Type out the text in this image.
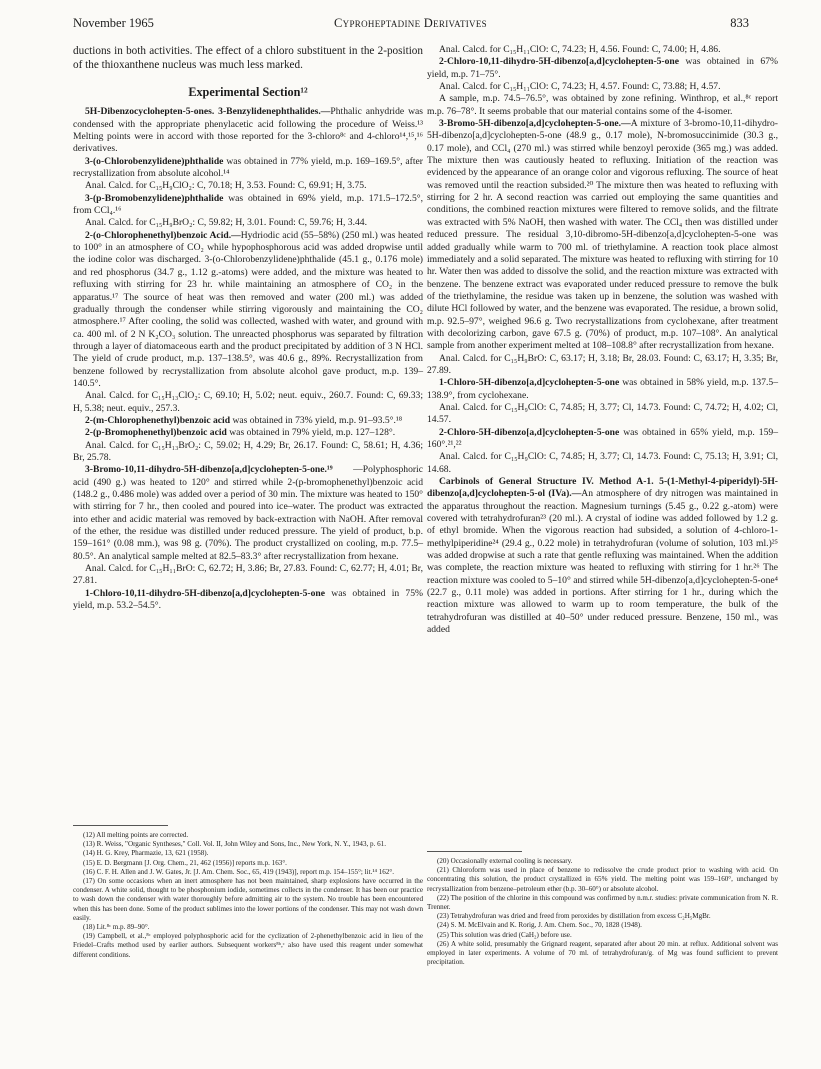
November 1965	Cyproheptadine Derivatives	833

ductions in both activities. The effect of a chloro substituent in the 2-position of the thioxanthene nucleus was much less marked.

Experimental Section¹²

5H-Dibenzocyclohepten-5-ones. 3-Benzylidenephthalides.—Phthalic anhydride was condensed with the appropriate phenylacetic acid following the procedure of Weiss.¹³ Melting points were in accord with those reported for the 3-chloro⁸ᶜ and 4-chloro¹⁴,¹⁵,¹⁶ derivatives.

3-(o-Chlorobenzylidene)phthalide was obtained in 77% yield, m.p. 169–169.5°, after recrystallization from absolute alcohol.¹⁴

Anal. Calcd. for C₁₅H₉ClO₂: C, 70.18; H, 3.53. Found: C, 69.91; H, 3.75.

3-(p-Bromobenzylidene)phthalide was obtained in 69% yield, m.p. 171.5–172.5°, from CCl₄.¹⁶

Anal. Calcd. for C₁₅H₉BrO₂: C, 59.82; H, 3.01. Found: C, 59.76; H, 3.44.

2-(o-Chlorophenethyl)benzoic Acid.—Hydriodic acid (55–58%) (250 ml.) was heated to 100° in an atmosphere of CO₂ while hypophosphorous acid was added dropwise until the iodine color was discharged. 3-(o-Chlorobenzylidene)phthalide (45.1 g., 0.176 mole) and red phosphorus (34.7 g., 1.12 g.-atoms) were added, and the mixture was heated to refluxing with stirring for 23 hr. while maintaining an atmosphere of CO₂ in the apparatus.¹⁷ The source of heat was then removed and water (200 ml.) was added gradually through the condenser while stirring vigorously and maintaining the CO₂ atmosphere.¹⁷ After cooling, the solid was collected, washed with water, and ground with ca. 400 ml. of 2 N K₂CO₃ solution. The unreacted phosphorus was separated by filtration through a layer of diatomaceous earth and the product precipitated by addition of 3 N HCl. The yield of crude product, m.p. 137–138.5°, was 40.6 g., 89%. Recrystallization from benzene followed by recrystallization from absolute alcohol gave product, m.p. 139–140.5°.

Anal. Calcd. for C₁₅H₁₃ClO₂: C, 69.10; H, 5.02; neut. equiv., 260.7. Found: C, 69.33; H, 5.38; neut. equiv., 257.3.

2-(m-Chlorophenethyl)benzoic acid was obtained in 73% yield, m.p. 91–93.5°.¹⁸

2-(p-Bromophenethyl)benzoic acid was obtained in 79% yield, m.p. 127–128°.

Anal. Calcd. for C₁₅H₁₃BrO₂: C, 59.02; H, 4.29; Br, 26.17. Found: C, 58.61; H, 4.36; Br, 25.78.

3-Bromo-10,11-dihydro-5H-dibenzo[a,d]cyclohepten-5-one.¹⁹ —Polyphosphoric acid (490 g.) was heated to 120° and stirred while 2-(p-bromophenethyl)benzoic acid (148.2 g., 0.486 mole) was added over a period of 30 min. The mixture was heated to 150° with stirring for 7 hr., then cooled and poured into ice–water. The product was extracted into ether and acidic material was removed by back-extraction with NaOH. After removal of the ether, the residue was distilled under reduced pressure. The yield of product, b.p. 159–161° (0.08 mm.), was 98 g. (70%). The product crystallized on cooling, m.p. 77.5–80.5°. An analytical sample melted at 82.5–83.3° after recrystallization from hexane.

Anal. Calcd. for C₁₅H₁₁BrO: C, 62.72; H, 3.86; Br, 27.83. Found: C, 62.77; H, 4.01; Br, 27.81.

1-Chloro-10,11-dihydro-5H-dibenzo[a,d]cyclohepten-5-one was obtained in 75% yield, m.p. 53.2–54.5°.

Anal. Calcd. for C₁₅H₁₁ClO: C, 74.23; H, 4.56. Found: C, 74.00; H, 4.86.

2-Chloro-10,11-dihydro-5H-dibenzo[a,d]cyclohepten-5-one was obtained in 67% yield, m.p. 71–75°.

Anal. Calcd. for C₁₅H₁₁ClO: C, 74.23; H, 4.57. Found: C, 73.88; H, 4.57.

A sample, m.p. 74.5–76.5°, was obtained by zone refining. Winthrop, et al.,⁸ᶜ report m.p. 76–78°. It seems probable that our material contains some of the 4-isomer.

3-Bromo-5H-dibenzo[a,d]cyclohepten-5-one.—A mixture of 3-bromo-10,11-dihydro-5H-dibenzo[a,d]cyclohepten-5-one (48.9 g., 0.17 mole), N-bromosuccinimide (30.3 g., 0.17 mole), and CCl₄ (270 ml.) was stirred while benzoyl peroxide (365 mg.) was added. The mixture then was cautiously heated to refluxing. Initiation of the reaction was evidenced by the appearance of an orange color and vigorous refluxing. The source of heat was removed until the reaction subsided.²⁰ The mixture then was heated to refluxing with stirring for 2 hr. A second reaction was carried out employing the same quantities and conditions, the combined reaction mixtures were filtered to remove solids, and the filtrate was extracted with 5% NaOH, then washed with water. The CCl₄ then was distilled under reduced pressure. The residual 3,10-dibromo-5H-dibenzo[a,d]cyclohepten-5-one was added gradually while warm to 700 ml. of triethylamine. A reaction took place almost immediately and a solid separated. The mixture was heated to refluxing with stirring for 10 hr. Water then was added to dissolve the solid, and the reaction mixture was extracted with benzene. The benzene extract was evaporated under reduced pressure to remove the bulk of the triethylamine, the residue was taken up in benzene, the solution was washed with dilute HCl followed by water, and the benzene was evaporated. The residue, a brown solid, m.p. 92.5–97°, weighed 96.6 g. Two recrystallizations from cyclohexane, after treatment with decolorizing carbon, gave 67.5 g. (70%) of product, m.p. 107–108°. An analytical sample from another experiment melted at 108–108.8° after recrystallization from hexane.

Anal. Calcd. for C₁₅H₉BrO: C, 63.17; H, 3.18; Br, 28.03. Found: C, 63.17; H, 3.35; Br, 27.89.

1-Chloro-5H-dibenzo[a,d]cyclohepten-5-one was obtained in 58% yield, m.p. 137.5–138.9°, from cyclohexane.

Anal. Calcd. for C₁₅H₉ClO: C, 74.85; H, 3.77; Cl, 14.73. Found: C, 74.72; H, 4.02; Cl, 14.57.

2-Chloro-5H-dibenzo[a,d]cyclohepten-5-one was obtained in 65% yield, m.p. 159–160°.²¹,²²

Anal. Calcd. for C₁₅H₉ClO: C, 74.85; H, 3.77; Cl, 14.73. Found: C, 75.13; H, 3.91; Cl, 14.68.

Carbinols of General Structure IV. Method A-1. 5-(1-Methyl-4-piperidyl)-5H-dibenzo[a,d]cyclohepten-5-ol (IVa).—An atmosphere of dry nitrogen was maintained in the apparatus throughout the reaction. Magnesium turnings (5.45 g., 0.22 g.-atom) were covered with tetrahydrofuran²³ (20 ml.). A crystal of iodine was added followed by 1.2 g. of ethyl bromide. When the vigorous reaction had subsided, a solution of 4-chloro-1-methylpiperidine²⁴ (29.4 g., 0.22 mole) in tetrahydrofuran (volume of solution, 103 ml.)²⁵ was added dropwise at such a rate that gentle refluxing was maintained. When the addition was complete, the reaction mixture was heated to refluxing with stirring for 1 hr.²⁶ The reaction mixture was cooled to 5–10° and stirred while 5H-dibenzo[a,d]cyclohepten-5-one⁴ (22.7 g., 0.11 mole) was added in portions. After stirring for 1 hr., during which the reaction mixture was allowed to warm up to room temperature, the bulk of the tetrahydrofuran was distilled at 40–50° under reduced pressure. Benzene, 150 ml., was added

(12) All melting points are corrected.

(13) R. Weiss, "Organic Syntheses," Coll. Vol. II, John Wiley and Sons, Inc., New York, N. Y., 1943, p. 61.

(14) H. G. Krey, Pharmazie, 13, 621 (1958).

(15) E. D. Bergmann [J. Org. Chem., 21, 462 (1956)] reports m.p. 163°.

(16) C. F. H. Allen and J. W. Gates, Jr. [J. Am. Chem. Soc., 65, 419 (1943)], report m.p. 154–155°; lit.¹⁴ 162°.

(17) On some occasions when an inert atmosphere has not been maintained, sharp explosions have occurred in the condenser. A white solid, thought to be phosphonium iodide, sometimes collects in the condenser. It has been our practice to wash down the condenser with water thoroughly before admitting air to the system. No trouble has been encountered when this has been done. Some of the product sublimes into the lower portions of the condenser. This may not wash down easily.

(18) Lit.⁸ᶜ m.p. 89–90°.

(19) Campbell, et al.,⁸ᶜ employed polyphosphoric acid for the cyclization of 2-phenethylbenzoic acid in lieu of the Friedel–Crafts method used by earlier authors. Subsequent workers⁸ᵇ,ᶜ also have used this reagent under somewhat different conditions.

(20) Occasionally external cooling is necessary.

(21) Chloroform was used in place of benzene to redissolve the crude product prior to washing with acid. On concentrating this solution, the product crystallized in 65% yield. The melting point was 159–160°, unchanged by recrystallization from benzene–petroleum ether (b.p. 30–60°) or absolute alcohol.

(22) The position of the chlorine in this compound was confirmed by n.m.r. studies: private communication from N. R. Trenner.

(23) Tetrahydrofuran was dried and freed from peroxides by distillation from excess C₂H₅MgBr.

(24) S. M. McElvain and K. Rorig, J. Am. Chem. Soc., 70, 1828 (1948).

(25) This solution was dried (CaH₂) before use.

(26) A white solid, presumably the Grignard reagent, separated after about 20 min. at reflux. Additional solvent was employed in later experiments. A volume of 70 ml. of tetrahydrofuran/g. of Mg was found sufficient to prevent precipitation.
